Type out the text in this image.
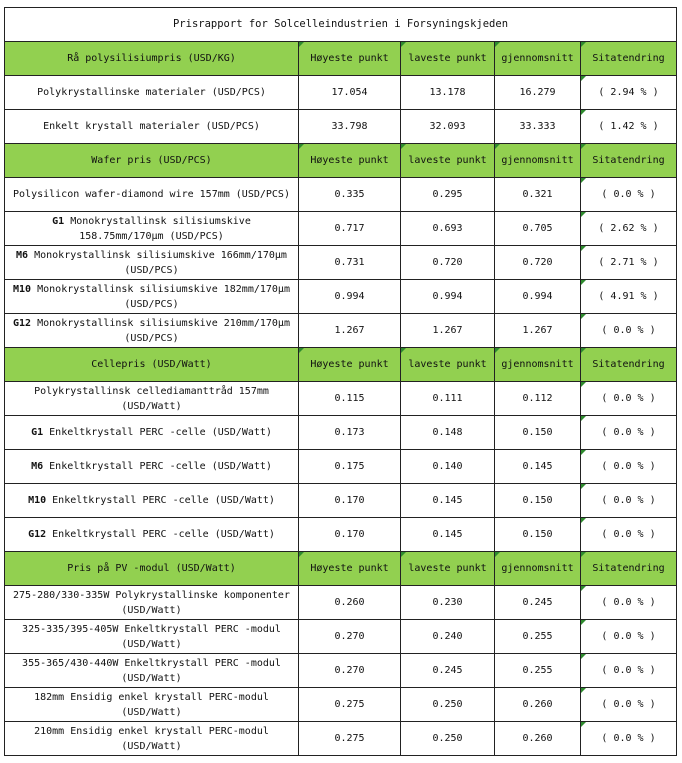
Prisrapport for Solcelleindustrien i Forsyningskjeden				
Rå polysilisiumpris (USD/KG)	Høyeste punkt	laveste punkt	gjennomsnitt	Sitatendring
Polykrystallinske materialer (USD/PCS)	17.054	13.178	16.279	( 2.94 % )
Enkelt krystall materialer (USD/PCS)	33.798	32.093	33.333	( 1.42 % )
Wafer pris (USD/PCS)	Høyeste punkt	laveste punkt	gjennomsnitt	Sitatendring
Polysilicon wafer-diamond wire 157mm (USD/PCS)	0.335	0.295	0.321	( 0.0 % )
G1 Monokrystallinsk silisiumskive 158.75mm/170μm (USD/PCS)	0.717	0.693	0.705	( 2.62 % )
M6 Monokrystallinsk silisiumskive 166mm/170μm (USD/PCS)	0.731	0.720	0.720	( 2.71 % )
M10 Monokrystallinsk silisiumskive 182mm/170μm (USD/PCS)	0.994	0.994	0.994	( 4.91 % )
G12 Monokrystallinsk silisiumskive 210mm/170μm (USD/PCS)	1.267	1.267	1.267	( 0.0 % )
Cellepris (USD/Watt)	Høyeste punkt	laveste punkt	gjennomsnitt	Sitatendring
Polykrystallinsk cellediamanttråd 157mm (USD/Watt)	0.115	0.111	0.112	( 0.0 % )
G1 Enkeltkrystall PERC -celle (USD/Watt)	0.173	0.148	0.150	( 0.0 % )
M6 Enkeltkrystall PERC -celle (USD/Watt)	0.175	0.140	0.145	( 0.0 % )
M10 Enkeltkrystall PERC -celle (USD/Watt)	0.170	0.145	0.150	( 0.0 % )
G12 Enkeltkrystall PERC -celle (USD/Watt)	0.170	0.145	0.150	( 0.0 % )
Pris på PV -modul (USD/Watt)	Høyeste punkt	laveste punkt	gjennomsnitt	Sitatendring
275-280/330-335W Polykrystallinske komponenter (USD/Watt)	0.260	0.230	0.245	( 0.0 % )
325-335/395-405W Enkeltkrystall PERC -modul (USD/Watt)	0.270	0.240	0.255	( 0.0 % )
355-365/430-440W Enkeltkrystall PERC -modul (USD/Watt)	0.270	0.245	0.255	( 0.0 % )
182mm Ensidig enkel krystall PERC-modul (USD/Watt)	0.275	0.250	0.260	( 0.0 % )
210mm Ensidig enkel krystall PERC-modul (USD/Watt)	0.275	0.250	0.260	( 0.0 % )
